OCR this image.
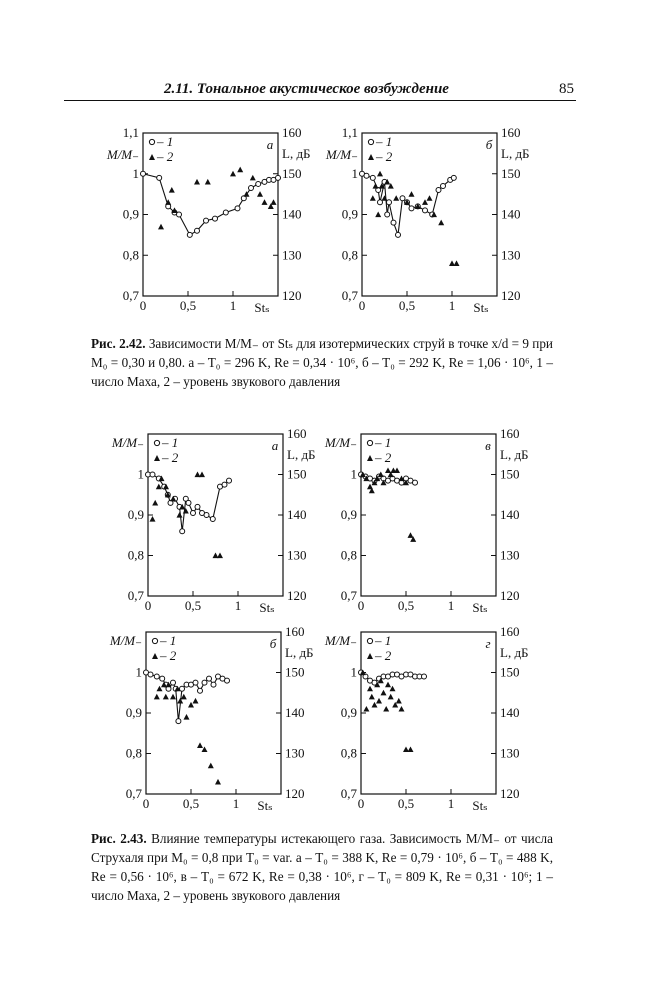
2.11. Тональное акустическое возбуждение	85
0,7
0,8
0,9
1
1,1
120
130
140
150
160
0	0,5	1 Stₛ
M/M₋	L, дБ
а
– 1
– 2
0,7
0,8
0,9
1
1,1
120
130
140
150
160
0	0,5	1 Stₛ
M/M₋	L, дБ
б
– 1
– 2
0,7
0,8
0,9
1
120
130
140
150
160
0	0,5	1 Stₛ
M/M₋
L, дБ
а
– 1
– 2
0,7
0,8
0,9
1
120
130
140
150
160
0	0,5	1 Stₛ
M/M₋
L, дБ
в
– 1
– 2
0,7
0,8
0,9
1
120
130
140
150
160
0	0,5	1 Stₛ
M/M₋
L, дБ
б
– 1
– 2
0,7
0,8
0,9
1
120
130
140
150
160
0	0,5	1 Stₛ
M/M₋
L, дБ
г
– 1
– 2
Рис. 2.42. Зависимости M/M₋ от Stₛ для изотермических струй в точке x/d = 9 при M₀ = 0,30 и 0,80. а – T₀ = 296 K, Re = 0,34 · 10⁶, б – T₀ = 292 K, Re = 1,06 · 10⁶, 1 – число Маха, 2 – уровень звукового давления
Рис. 2.43. Влияние температуры истекающего газа. Зависимость M/M₋ от числа Струхаля при M₀ = 0,8 при T₀ = var. а – T₀ = 388 K, Re = 0,79 · 10⁶, б – T₀ = 488 K, Re = 0,56 · 10⁶, в – T₀ = 672 K, Re = 0,38 · 10⁶, г – T₀ = 809 K, Re = 0,31 · 10⁶; 1 – число Маха, 2 – уровень звукового давления
